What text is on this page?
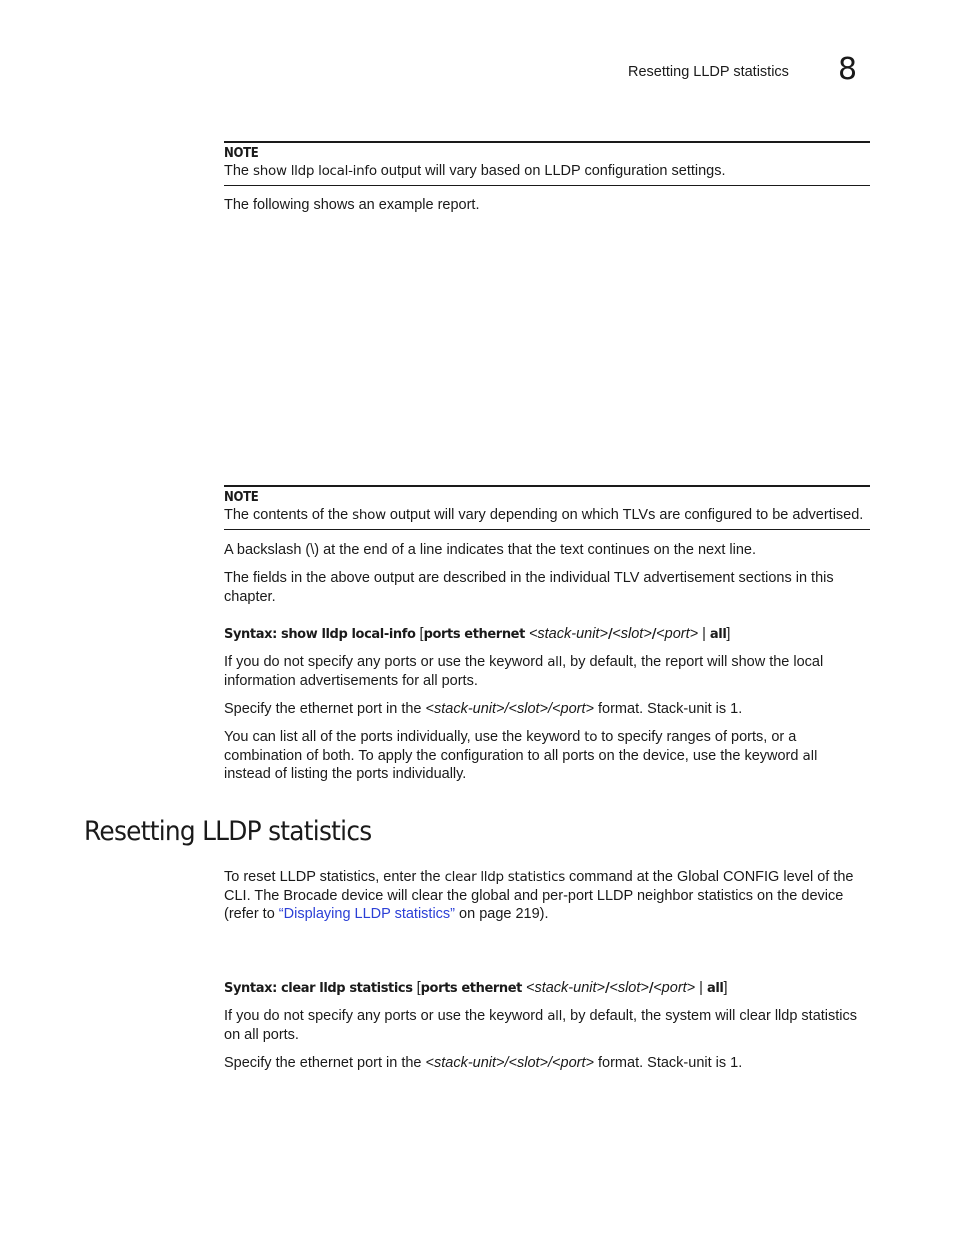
Resetting LLDP statistics 8
NOTE

The show lldp local-info output will vary based on LLDP configuration settings.

The following shows an example report.

NOTE

The contents of the show output will vary depending on which TLVs are configured to be advertised.

A backslash (\) at the end of a line indicates that the text continues on the next line.

The fields in the above output are described in the individual TLV advertisement sections in this chapter.

Syntax: show lldp local-info [ports ethernet <stack-unit>/<slot>/<port> | all]

If you do not specify any ports or use the keyword all, by default, the report will show the local information advertisements for all ports.

Specify the ethernet port in the <stack-unit>/<slot>/<port> format. Stack-unit is 1.

You can list all of the ports individually, use the keyword to to specify ranges of ports, or a combination of both. To apply the configuration to all ports on the device, use the keyword all instead of listing the ports individually.

Resetting LLDP statistics

To reset LLDP statistics, enter the clear lldp statistics command at the Global CONFIG level of the CLI. The Brocade device will clear the global and per-port LLDP neighbor statistics on the device (refer to “Displaying LLDP statistics” on page 219).

Syntax: clear lldp statistics [ports ethernet <stack-unit>/<slot>/<port> | all]

If you do not specify any ports or use the keyword all, by default, the system will clear lldp statistics on all ports.

Specify the ethernet port in the <stack-unit>/<slot>/<port> format. Stack-unit is 1.
